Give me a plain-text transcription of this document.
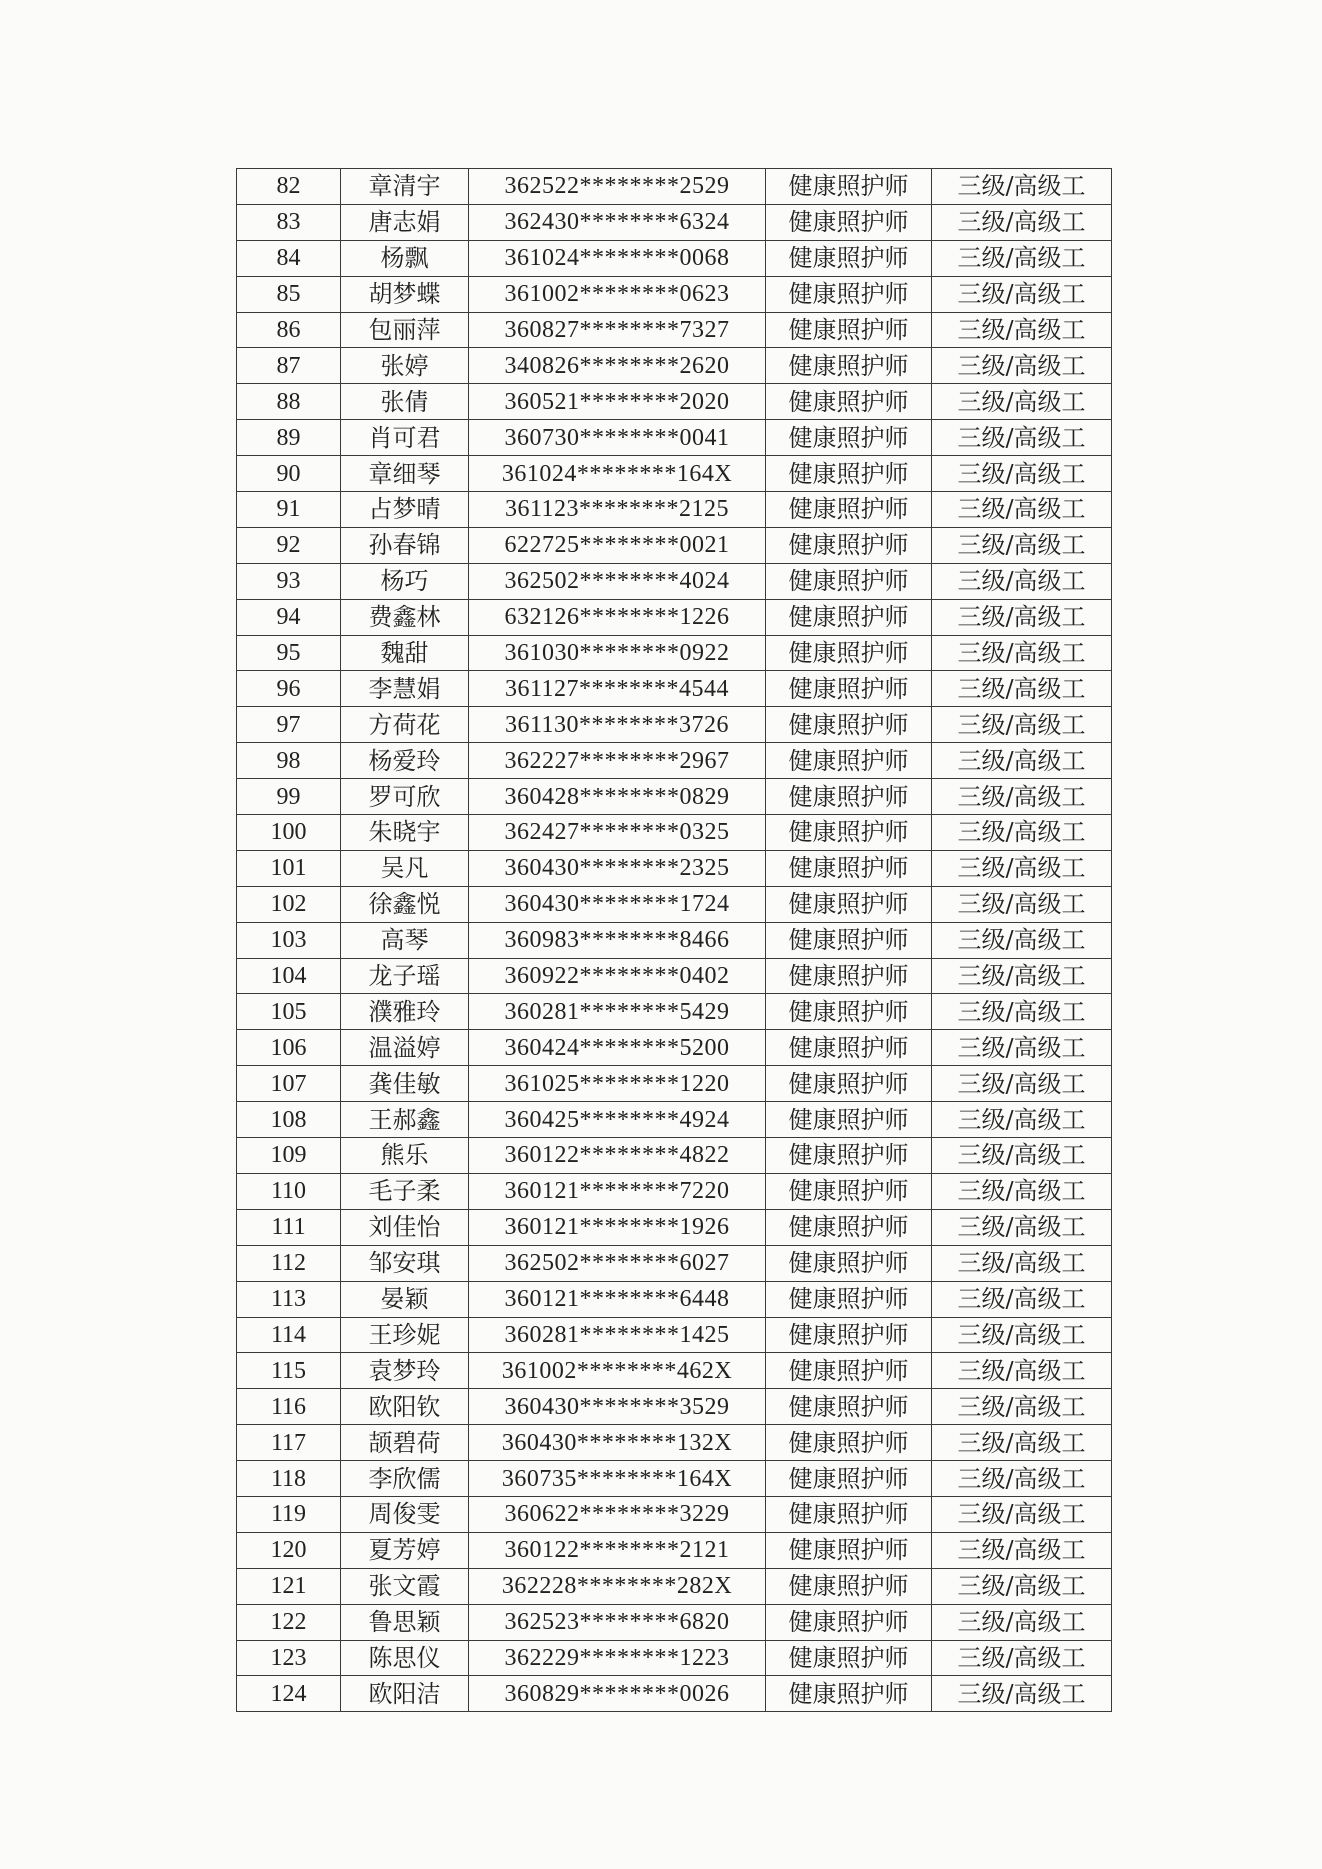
82	章清宇	362522********2529	健康照护师	三级/高级工
83	唐志娟	362430********6324	健康照护师	三级/高级工
84	杨飘	361024********0068	健康照护师	三级/高级工
85	胡梦蝶	361002********0623	健康照护师	三级/高级工
86	包丽萍	360827********7327	健康照护师	三级/高级工
87	张婷	340826********2620	健康照护师	三级/高级工
88	张倩	360521********2020	健康照护师	三级/高级工
89	肖可君	360730********0041	健康照护师	三级/高级工
90	章细琴	361024********164X	健康照护师	三级/高级工
91	占梦晴	361123********2125	健康照护师	三级/高级工
92	孙春锦	622725********0021	健康照护师	三级/高级工
93	杨巧	362502********4024	健康照护师	三级/高级工
94	费鑫林	632126********1226	健康照护师	三级/高级工
95	魏甜	361030********0922	健康照护师	三级/高级工
96	李慧娟	361127********4544	健康照护师	三级/高级工
97	方荷花	361130********3726	健康照护师	三级/高级工
98	杨爱玲	362227********2967	健康照护师	三级/高级工
99	罗可欣	360428********0829	健康照护师	三级/高级工
100	朱晓宇	362427********0325	健康照护师	三级/高级工
101	吴凡	360430********2325	健康照护师	三级/高级工
102	徐鑫悦	360430********1724	健康照护师	三级/高级工
103	高琴	360983********8466	健康照护师	三级/高级工
104	龙子瑶	360922********0402	健康照护师	三级/高级工
105	濮雅玲	360281********5429	健康照护师	三级/高级工
106	温溢婷	360424********5200	健康照护师	三级/高级工
107	龚佳敏	361025********1220	健康照护师	三级/高级工
108	王郝鑫	360425********4924	健康照护师	三级/高级工
109	熊乐	360122********4822	健康照护师	三级/高级工
110	毛子柔	360121********7220	健康照护师	三级/高级工
111	刘佳怡	360121********1926	健康照护师	三级/高级工
112	邹安琪	362502********6027	健康照护师	三级/高级工
113	晏颖	360121********6448	健康照护师	三级/高级工
114	王珍妮	360281********1425	健康照护师	三级/高级工
115	袁梦玲	361002********462X	健康照护师	三级/高级工
116	欧阳钦	360430********3529	健康照护师	三级/高级工
117	颉碧荷	360430********132X	健康照护师	三级/高级工
118	李欣儒	360735********164X	健康照护师	三级/高级工
119	周俊雯	360622********3229	健康照护师	三级/高级工
120	夏芳婷	360122********2121	健康照护师	三级/高级工
121	张文霞	362228********282X	健康照护师	三级/高级工
122	鲁思颖	362523********6820	健康照护师	三级/高级工
123	陈思仪	362229********1223	健康照护师	三级/高级工
124	欧阳洁	360829********0026	健康照护师	三级/高级工
